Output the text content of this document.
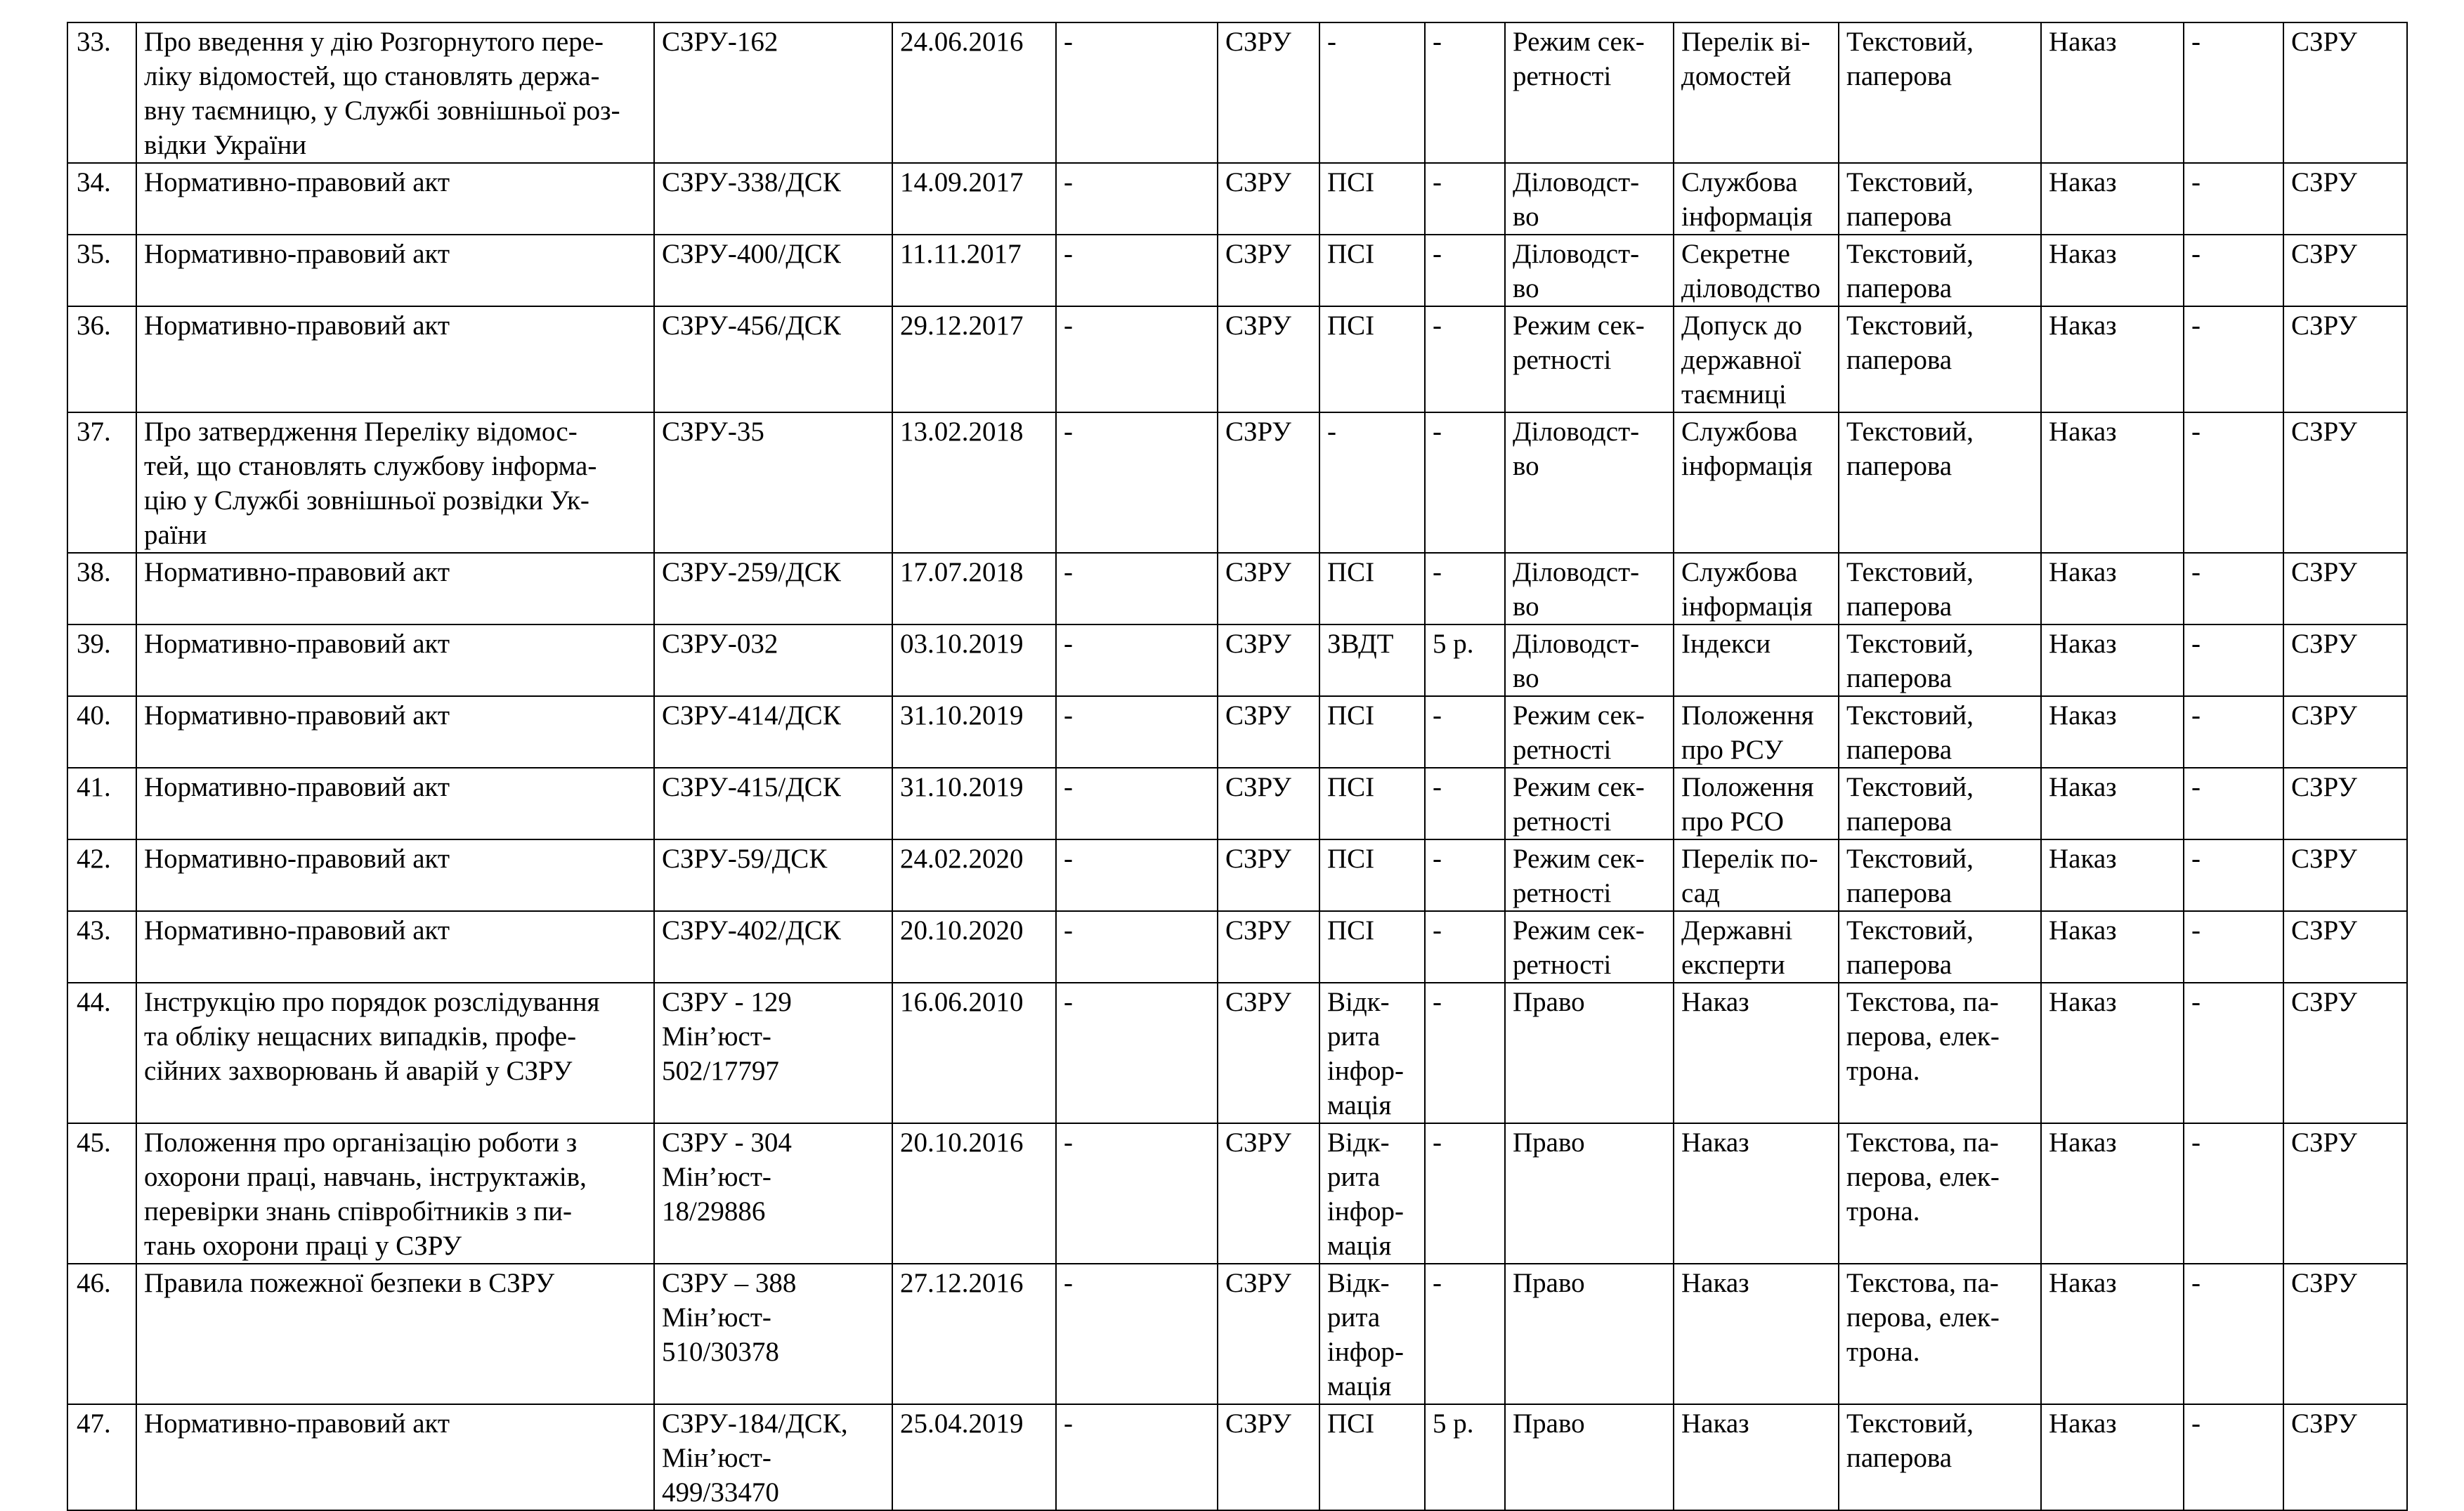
33.	Про введення у дію Розгорнутого пере-
ліку відомостей, що становлять держа-
вну таємницю, у Службі зовнішньої роз-
відки України	СЗРУ-162	24.06.2016	-	СЗРУ	-	-	Режим сек-
ретності	Перелік ві-
домостей	Текстовий,
паперова	Наказ	-	СЗРУ
34.	Нормативно-правовий акт	СЗРУ-338/ДСК	14.09.2017	-	СЗРУ	ПСІ	-	Діловодст-
во	Службова
інформація	Текстовий,
паперова	Наказ	-	СЗРУ
35.	Нормативно-правовий акт	СЗРУ-400/ДСК	11.11.2017	-	СЗРУ	ПСІ	-	Діловодст-
во	Секретне
діловодство	Текстовий,
паперова	Наказ	-	СЗРУ
36.	Нормативно-правовий акт	СЗРУ-456/ДСК	29.12.2017	-	СЗРУ	ПСІ	-	Режим сек-
ретності	Допуск до
державної
таємниці	Текстовий,
паперова	Наказ	-	СЗРУ
37.	Про затвердження Переліку відомос-
тей, що становлять службову інформа-
цію у Службі зовнішньої розвідки Ук-
раїни	СЗРУ-35	13.02.2018	-	СЗРУ	-	-	Діловодст-
во	Службова
інформація	Текстовий,
паперова	Наказ	-	СЗРУ
38.	Нормативно-правовий акт	СЗРУ-259/ДСК	17.07.2018	-	СЗРУ	ПСІ	-	Діловодст-
во	Службова
інформація	Текстовий,
паперова	Наказ	-	СЗРУ
39.	Нормативно-правовий акт	СЗРУ-032	03.10.2019	-	СЗРУ	ЗВДТ	5 р.	Діловодст-
во	Індекси	Текстовий,
паперова	Наказ	-	СЗРУ
40.	Нормативно-правовий акт	СЗРУ-414/ДСК	31.10.2019	-	СЗРУ	ПСІ	-	Режим сек-
ретності	Положення
про РСУ	Текстовий,
паперова	Наказ	-	СЗРУ
41.	Нормативно-правовий акт	СЗРУ-415/ДСК	31.10.2019	-	СЗРУ	ПСІ	-	Режим сек-
ретності	Положення
про РСО	Текстовий,
паперова	Наказ	-	СЗРУ
42.	Нормативно-правовий акт	СЗРУ-59/ДСК	24.02.2020	-	СЗРУ	ПСІ	-	Режим сек-
ретності	Перелік по-
сад	Текстовий,
паперова	Наказ	-	СЗРУ
43.	Нормативно-правовий акт	СЗРУ-402/ДСК	20.10.2020	-	СЗРУ	ПСІ	-	Режим сек-
ретності	Державні
експерти	Текстовий,
паперова	Наказ	-	СЗРУ
44.	Інструкцію про порядок розслідування
та обліку нещасних випадків, профе-
сійних захворювань й аварій у СЗРУ	СЗРУ - 129
Мін’юст-
502/17797	16.06.2010	-	СЗРУ	Відк-
рита
інфор-
мація	-	Право	Наказ	Текстова, па-
перова, елек-
трона.	Наказ	-	СЗРУ
45.	Положення про організацію роботи з
охорони праці, навчань, інструктажів,
перевірки знань співробітників з пи-
тань охорони праці у СЗРУ	СЗРУ - 304
Мін’юст-
18/29886	20.10.2016	-	СЗРУ	Відк-
рита
інфор-
мація	-	Право	Наказ	Текстова, па-
перова, елек-
трона.	Наказ	-	СЗРУ
46.	Правила пожежної безпеки в СЗРУ	СЗРУ – 388
Мін’юст-
510/30378	27.12.2016	-	СЗРУ	Відк-
рита
інфор-
мація	-	Право	Наказ	Текстова, па-
перова, елек-
трона.	Наказ	-	СЗРУ
47.	Нормативно-правовий акт	СЗРУ-184/ДСК,
Мін’юст-
499/33470	25.04.2019	-	СЗРУ	ПСІ	5 р.	Право	Наказ	Текстовий,
паперова	Наказ	-	СЗРУ
